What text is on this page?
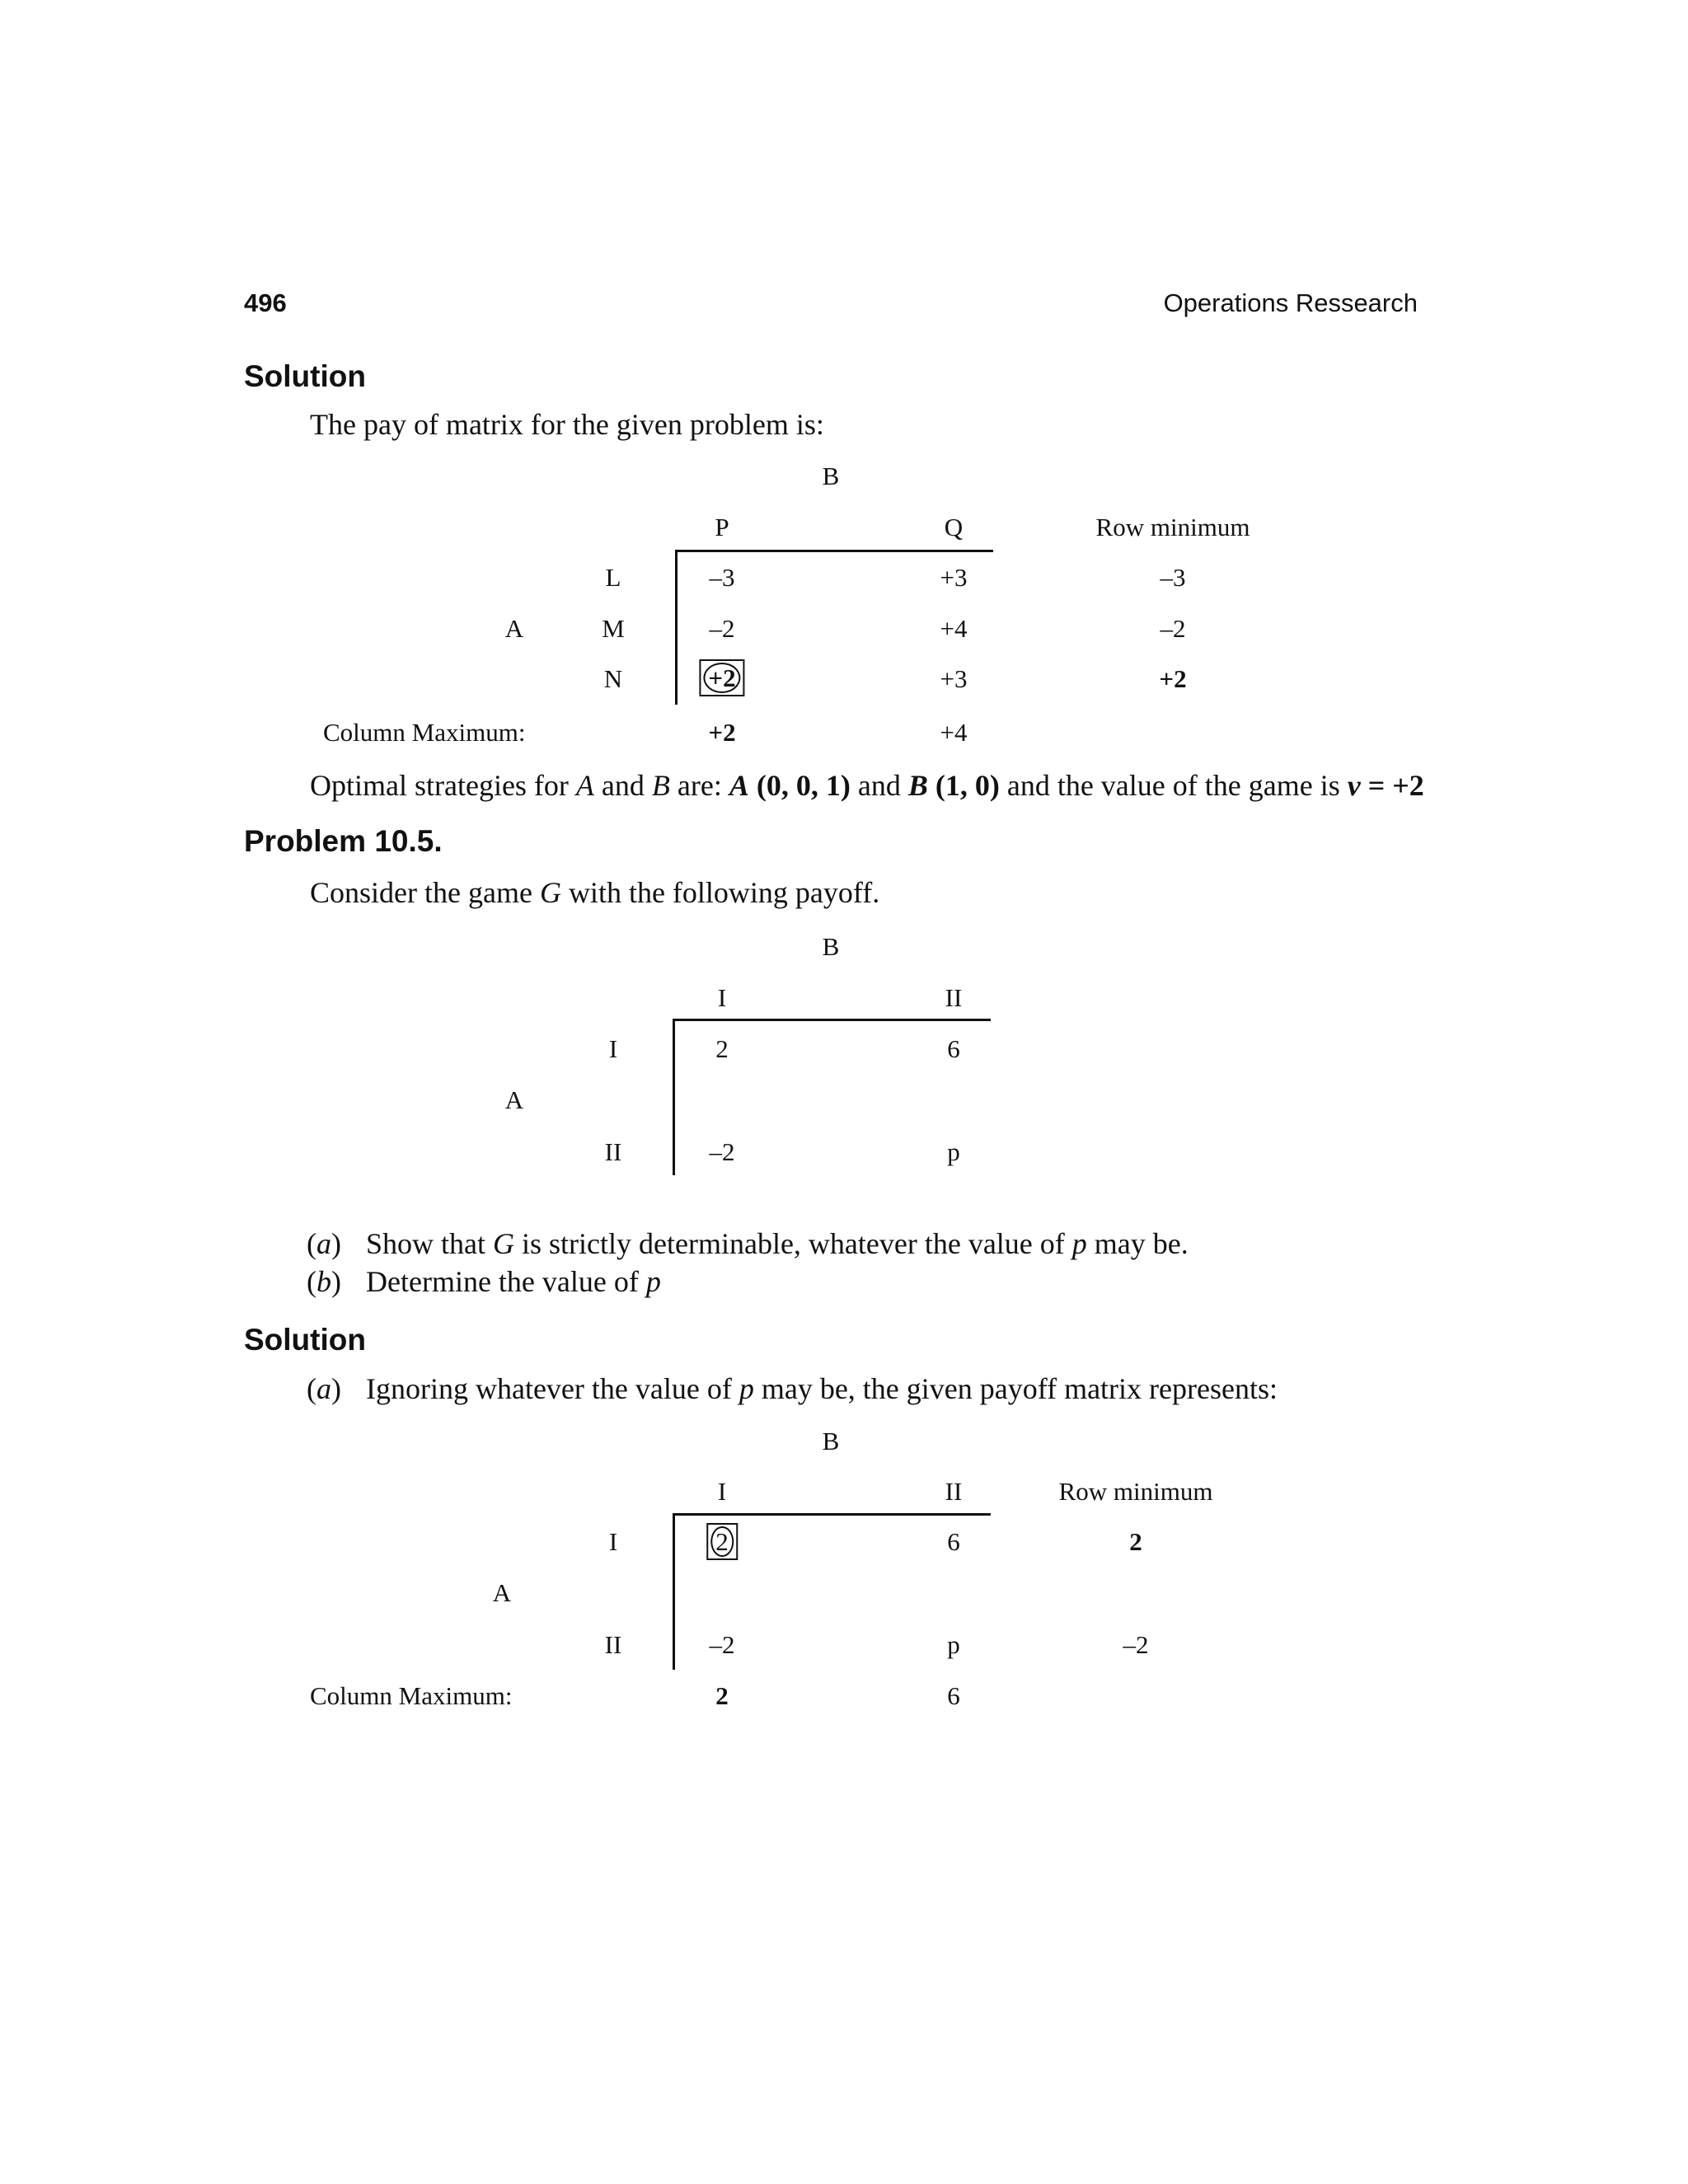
496	Operations Ressearch
Solution
The pay of matrix for the given problem is:
B
P	Q	Row minimum
L	–3	+3	–3
A	M	–2	+4	–2
N	+2	+3	+2
Column Maximum:	+2	+4
Optimal strategies for A and B are: A (0, 0, 1) and B (1, 0) and the value of the game is v = +2
Problem 10.5.
Consider the game G with the following payoff.
B
I	II
I	2	6
A
II	–2	p
(a) Show that G is strictly determinable, whatever the value of p may be.
(b) Determine the value of p
Solution
(a) Ignoring whatever the value of p may be, the given payoff matrix represents:
B
I	II	Row minimum
I	2	6	2
A
II	–2	p	–2
Column Maximum:	2	6
